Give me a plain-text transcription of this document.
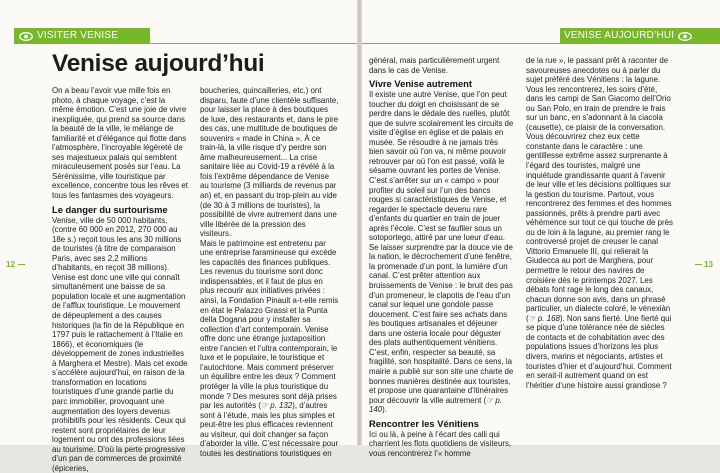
VISITER VENISE	VENISE AUJOURD’HUI
12	13
Venise aujourd’hui

On a beau l’avoir vue mille fois en photo, à chaque voyage, c’est la même émotion. C’est une joie de vivre inexpliquée, qui prend sa source dans la beauté de la ville, le mélange de familiarité et d’élégance qui flotte dans l’atmosphère, l’incroyable légèreté de ses majestueux palais qui semblent miraculeusement posés sur l’eau. La Sérénissime, ville touristique par excellence, concentre tous les rêves et tous les fantasmes des voyageurs.

Le danger du surtourisme

Venise, ville de 50 000 habitants, (contre 60 000 en 2012, 270 000 au 18e s.) reçoit tous les ans 30 millions de touristes (à titre de comparaison Paris, avec ses 2,2 millions d’habitants, en reçoit 38 millions). Venise est donc une ville qui connaît simultanément une baisse de sa population locale et une augmentation de l’afflux touristique. Le mouvement de dépeuplement a des causes historiques (la fin de la République en 1797 puis le rattachement à l’Italie en 1866), et économiques (le développement de zones industrielles à Marghera et Mestre). Mais cet exode s’accélère aujourd’hui, en raison de la transformation en locations touristiques d’une grande partie du parc immobilier, provoquant une augmentation des loyers devenus prohibitifs pour les résidents. Ceux qui restent sont propriétaires de leur logement ou ont des professions liées au tourisme. D’où la perte progressive d’un pan de commerces de proximité (épiceries,

boucheries, quincailleries, etc.) ont disparu, faute d’une clientèle suffisante, pour laisser la place à des boutiques de luxe, des restaurants et, dans le pire des cas, une multitude de boutiques de souvenirs « made in China ». À ce train-là, la ville risque d’y perdre son âme malheureusement... La crise sanitaire liée au Covid-19 a révélé à la fois l’extrême dépendance de Venise au tourisme (3 milliards de revenus par an) et, en passant du trop-plein au vide (de 30 à 3 millions de touristes), la possibilité de vivre autrement dans une ville libérée de la pression des visiteurs.

Mais le patrimoine est entretenu par une entreprise faramineuse qui excède les capacités des finances publiques. Les revenus du tourisme sont donc indispensables, et il faut de plus en plus recourir aux initiatives privées : ainsi, la Fondation Pinault a-t-elle remis en état le Palazzo Grassi et la Punta della Dogana pour y installer sa collection d’art contemporain. Venise offre donc une étrange juxtaposition entre l’ancien et l’ultra contemporain, le luxe et le populaire, le touristique et l’autochtone. Mais comment préserver un équilibre entre les deux ? Comment protéger la ville la plus touristique du monde ? Des mesures sont déjà prises par les autorités (☞ p. 132), d’autres sont à l’étude, mais les plus simples et peut-être les plus efficaces reviennent au visiteur, qui doit changer sa façon d’aborder la ville. C’est nécessaire pour toutes les destinations touristiques en

général, mais particulièrement urgent dans le cas de Venise.

Vivre Venise autrement

Il existe une autre Venise, que l’on peut toucher du doigt en choisissant de se perdre dans le dédale des ruelles, plutôt que de suivre scolairement les circuits de visite d’église en église et de palais en musée. Se résoudre à ne jamais très bien savoir où l’on va, ni même pouvoir retrouver par où l’on est passé, voilà le sésame ouvrant les portes de Venise. C’est s’arrêter sur un « campo » pour profiter du soleil sur l’un des bancs rouges si caractéristiques de Venise, et regarder le spectacle devenu rare d’enfants du quartier en train de jouer après l’école. C’est se faufiler sous un sotoportego, attiré par une lueur d’eau. Se laisser surprendre par la douce vie de la nation, le décrochement d’une fenêtre, la promenade d’un pont, la lumière d’un canal. C’est prêter attention aux bruissements de Venise : le bruit des pas d’un promeneur, le clapotis de l’eau d’un canal sur lequel une gondole passe doucement. C’est faire ses achats dans les boutiques artisanales et déjeuner dans une osteria locale pour déguster des plats authentiquement vénitiens. C’est, enfin, respecter sa beauté, sa fragilité, son hospitalité. Dans ce sens, la mairie a publié sur son site une charte de bonnes manières destinée aux touristes, et propose une quarantaine d’itinéraires pour découvrir la ville autrement (☞ p. 140).

Rencontrer les Vénitiens

Ici ou là, à peine à l’écart des calli qui charrient les flots quotidiens de visiteurs, vous rencontrerez l’« homme

de la rue », le passant prêt à raconter de savoureuses anecdotes ou à parler du sujet préféré des Vénitiens : la lagune. Vous les rencontrerez, les soirs d’été, dans les campi de San Giacomo dell’Orio ou San Polo, en train de prendre le frais sur un banc, en s’adonnant à la ciacola (causette), ce plaisir de la conversation. Vous découvrirez chez eux cette constante dans le caractère : une gentillesse extrême assez surprenante à l’égard des touristes, malgré une inquiétude grandissante quant à l’avenir de leur ville et les décisions politiques sur la gestion du tourisme. Partout, vous rencontrerez des femmes et des hommes passionnés, prêts à prendre parti avec véhémence sur tout ce qui touche de près ou de loin à la lagune, au premier rang le controversé projet de creuser le canal Vittorio Emanuele III, qui relierait la Giudecca au port de Marghera, pour permettre le retour des navires de croisière dès le printemps 2027. Les débats font rage le long des canaux, chacun donne son avis, dans un phrasé particulier, un dialecte coloré, le vénexiàn (☞ p. 168). Non sans fierté. Une fierté qui se pique d’une tolérance née de siècles de contacts et de cohabitation avec des populations issues d’horizons les plus divers, marins et négociants, artistes et touristes d’hier et d’aujourd’hui. Comment en serait-il autrement quand on est l’héritier d’une histoire aussi grandiose ?
